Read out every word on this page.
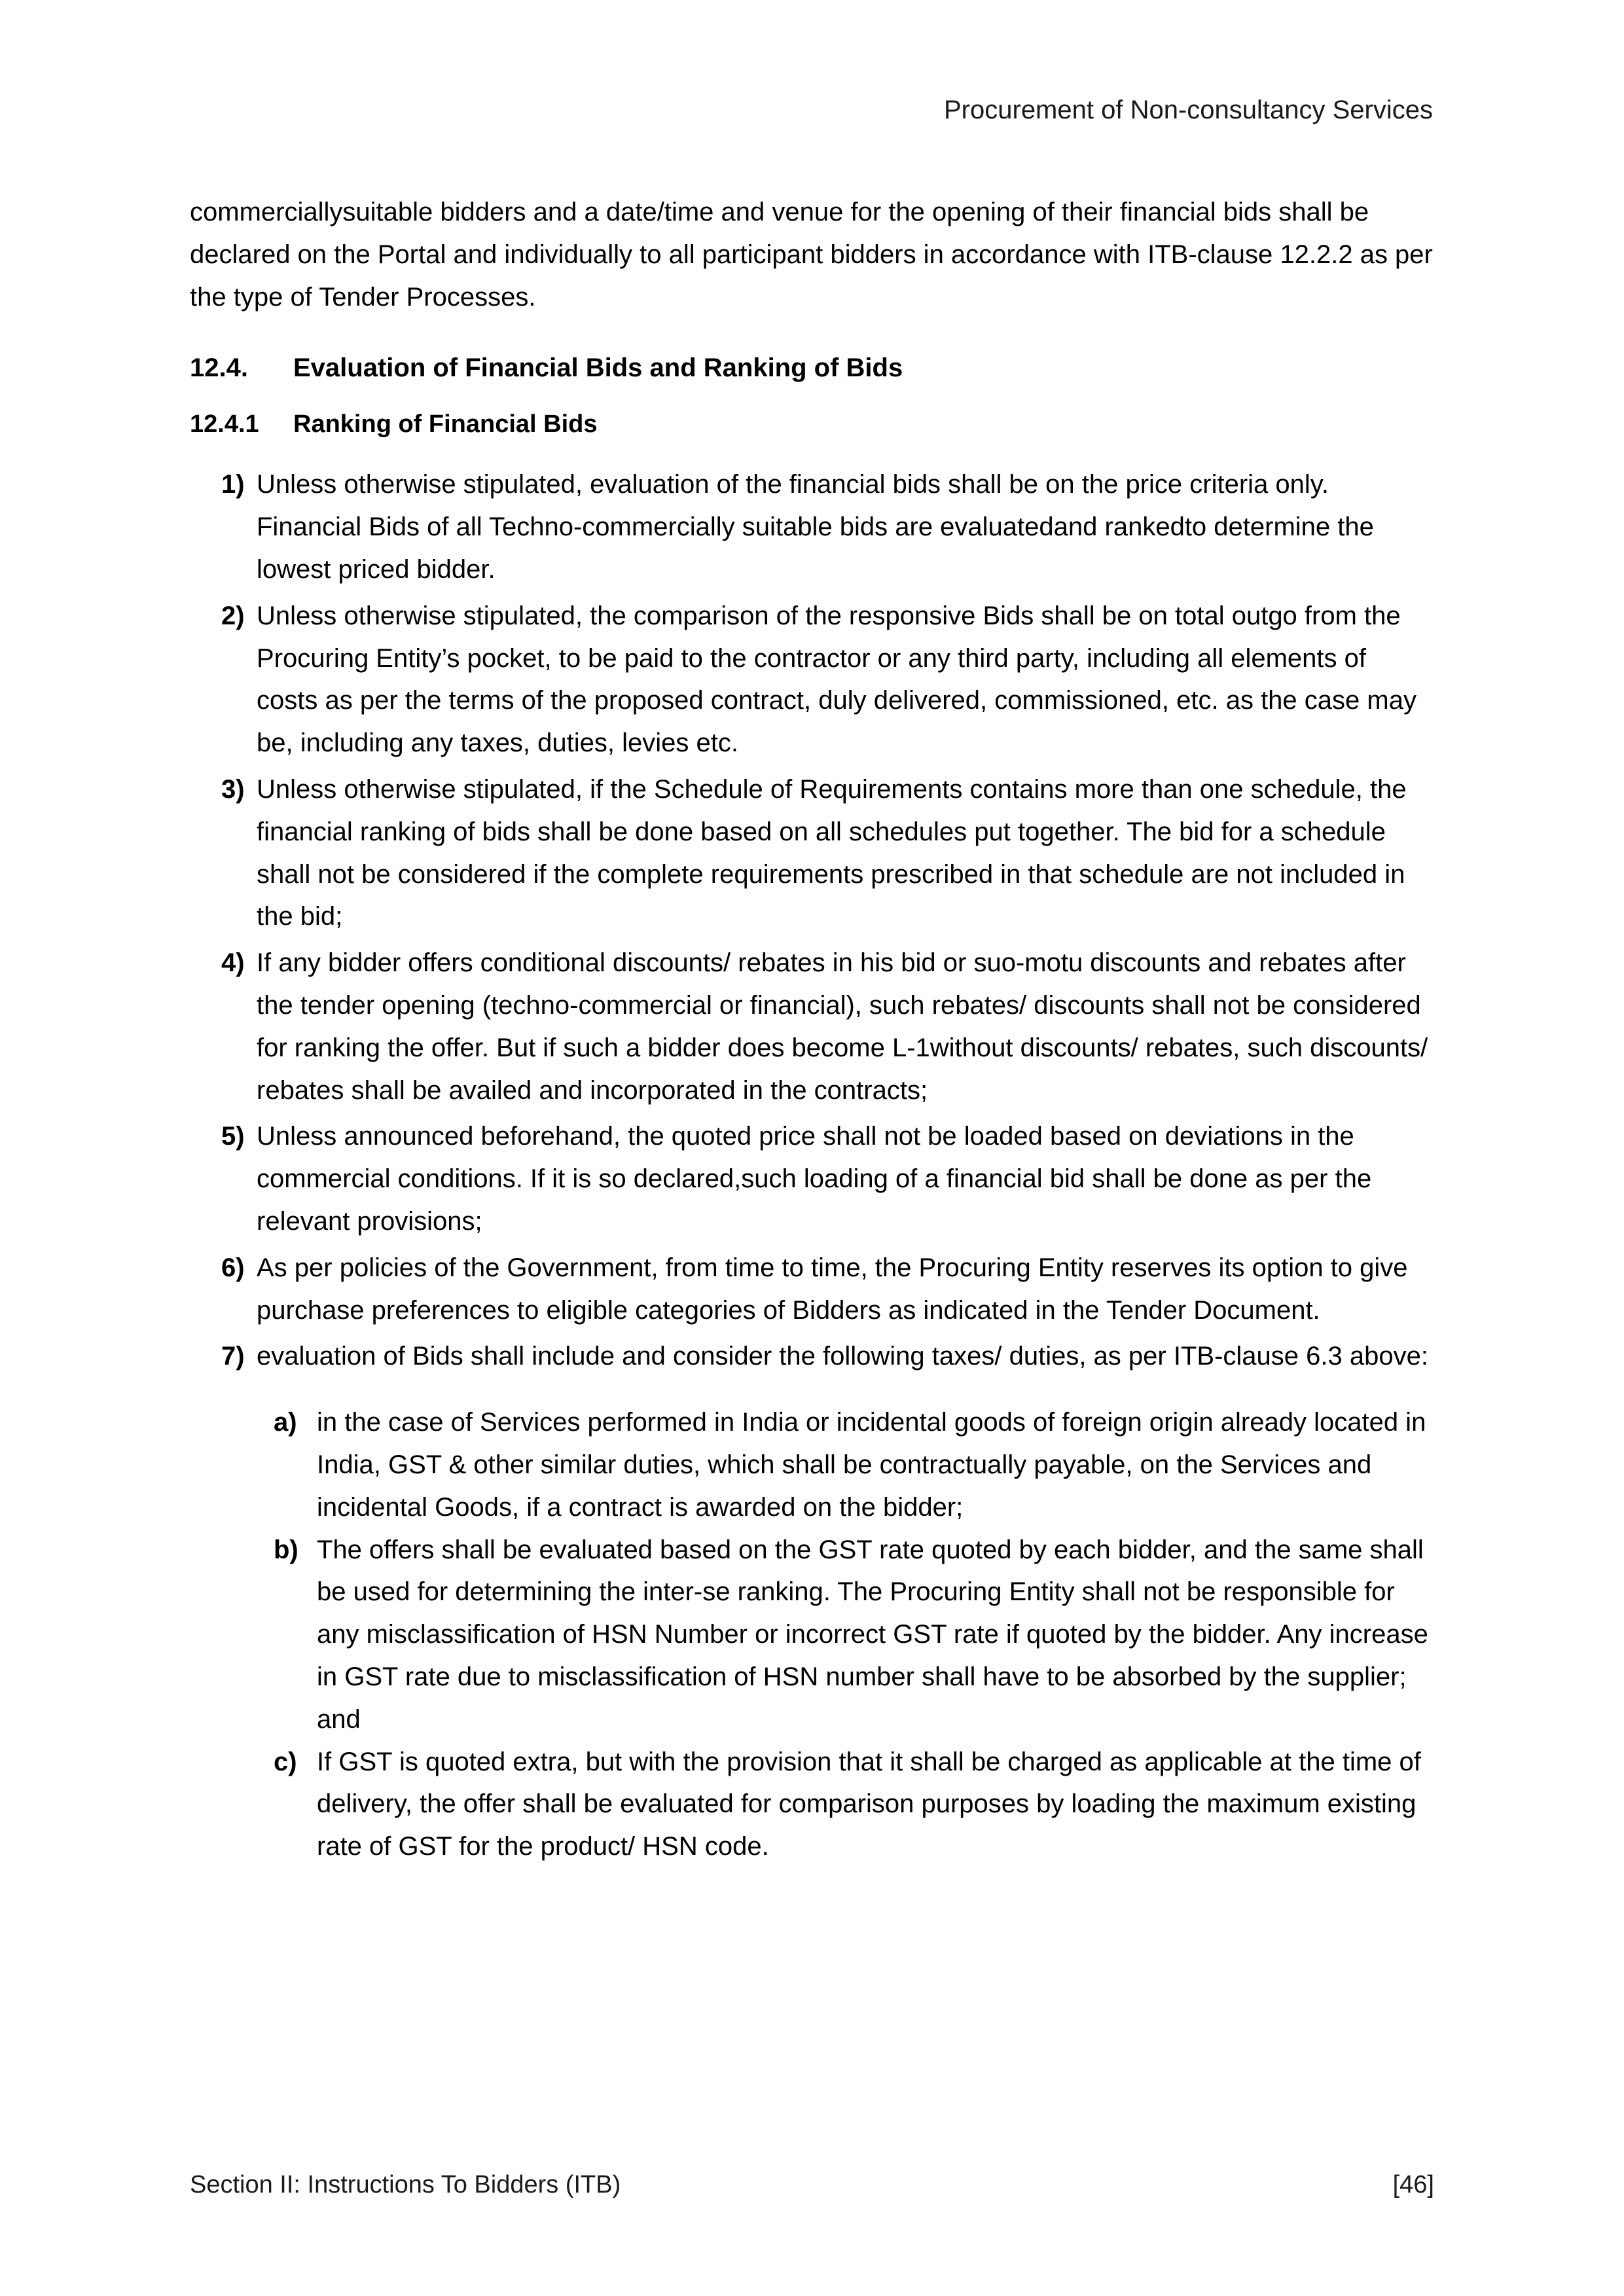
Procurement of Non-consultancy Services

commerciallysuitable bidders and a date/time and venue for the opening of their financial bids shall be declared on the Portal and individually to all participant bidders in accordance with ITB-clause 12.2.2 as per the type of Tender Processes.

12.4.	Evaluation of Financial Bids and Ranking of Bids
12.4.1	Ranking of Financial Bids
1) Unless otherwise stipulated, evaluation of the financial bids shall be on the price criteria only. Financial Bids of all Techno-commercially suitable bids are evaluatedand rankedto determine the lowest priced bidder.
2) Unless otherwise stipulated, the comparison of the responsive Bids shall be on total outgo from the Procuring Entity’s pocket, to be paid to the contractor or any third party, including all elements of costs as per the terms of the proposed contract, duly delivered, commissioned, etc. as the case may be, including any taxes, duties, levies etc.
3) Unless otherwise stipulated, if the Schedule of Requirements contains more than one schedule, the financial ranking of bids shall be done based on all schedules put together. The bid for a schedule shall not be considered if the complete requirements prescribed in that schedule are not included in the bid;
4) If any bidder offers conditional discounts/ rebates in his bid or suo-motu discounts and rebates after the tender opening (techno-commercial or financial), such rebates/ discounts shall not be considered for ranking the offer. But if such a bidder does become L-1without discounts/ rebates, such discounts/ rebates shall be availed and incorporated in the contracts;
5) Unless announced beforehand, the quoted price shall not be loaded based on deviations in the commercial conditions. If it is so declared,such loading of a financial bid shall be done as per the relevant provisions;
6) As per policies of the Government, from time to time, the Procuring Entity reserves its option to give purchase preferences to eligible categories of Bidders as indicated in the Tender Document.
7) evaluation of Bids shall include and consider the following taxes/ duties, as per ITB-clause 6.3 above:
a) in the case of Services performed in India or incidental goods of foreign origin already located in India, GST & other similar duties, which shall be contractually payable, on the Services and incidental Goods, if a contract is awarded on the bidder;
b) The offers shall be evaluated based on the GST rate quoted by each bidder, and the same shall be used for determining the inter-se ranking. The Procuring Entity shall not be responsible for any misclassification of HSN Number or incorrect GST rate if quoted by the bidder. Any increase in GST rate due to misclassification of HSN number shall have to be absorbed by the supplier; and
c) If GST is quoted extra, but with the provision that it shall be charged as applicable at the time of delivery, the offer shall be evaluated for comparison purposes by loading the maximum existing rate of GST for the product/ HSN code.
Section II: Instructions To Bidders (ITB)	[46]
